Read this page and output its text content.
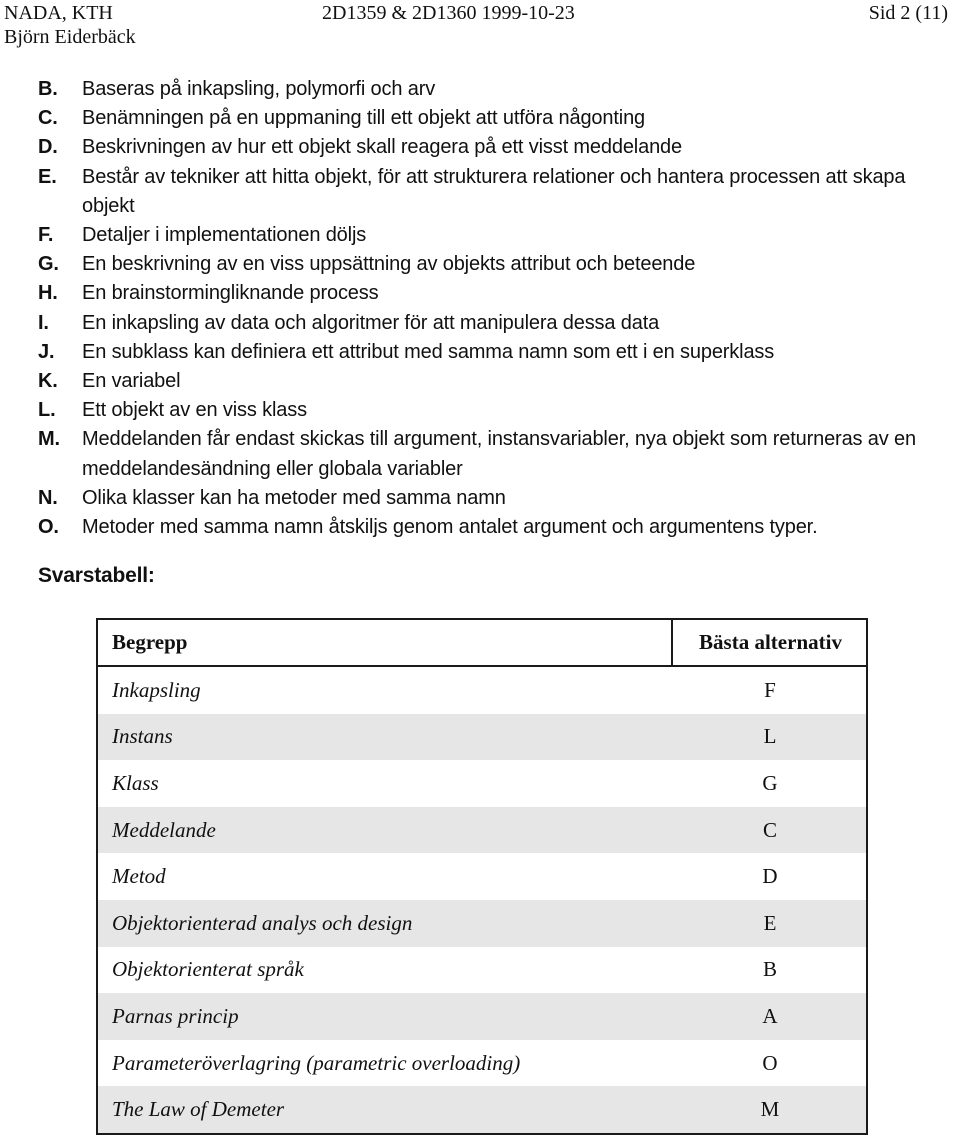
NADA, KTH
Björn Eiderbäck
2D1359 & 2D1360 1999-10-23	Sid 2 (11)
B.	Baseras på inkapsling, polymorfi och arv
C.	Benämningen på en uppmaning till ett objekt att utföra någonting
D.	Beskrivningen av hur ett objekt skall reagera på ett visst meddelande
E.	Består av tekniker att hitta objekt, för att strukturera relationer och hantera processen att skapa objekt
F.	Detaljer i implementationen döljs
G.	En beskrivning av en viss uppsättning av objekts attribut och beteende
H.	En brainstormingliknande process
I.	En inkapsling av data och algoritmer för att manipulera dessa data
J.	En subklass kan definiera ett attribut med samma namn som ett i en superklass
K.	En variabel
L.	Ett objekt av en viss klass
M.	Meddelanden får endast skickas till argument, instansvariabler, nya objekt som returneras av en meddelandesändning eller globala variabler
N.	Olika klasser kan ha metoder med samma namn
O.	Metoder med samma namn åtskiljs genom antalet argument och argumentens typer.
Svarstabell:
Begrepp	Bästa alternativ
Inkapsling	F
Instans	L
Klass	G
Meddelande	C
Metod	D
Objektorienterad analys och design	E
Objektorienterat språk	B
Parnas princip	A
Parameteröverlagring (parametric overloading)	O
The Law of Demeter	M
